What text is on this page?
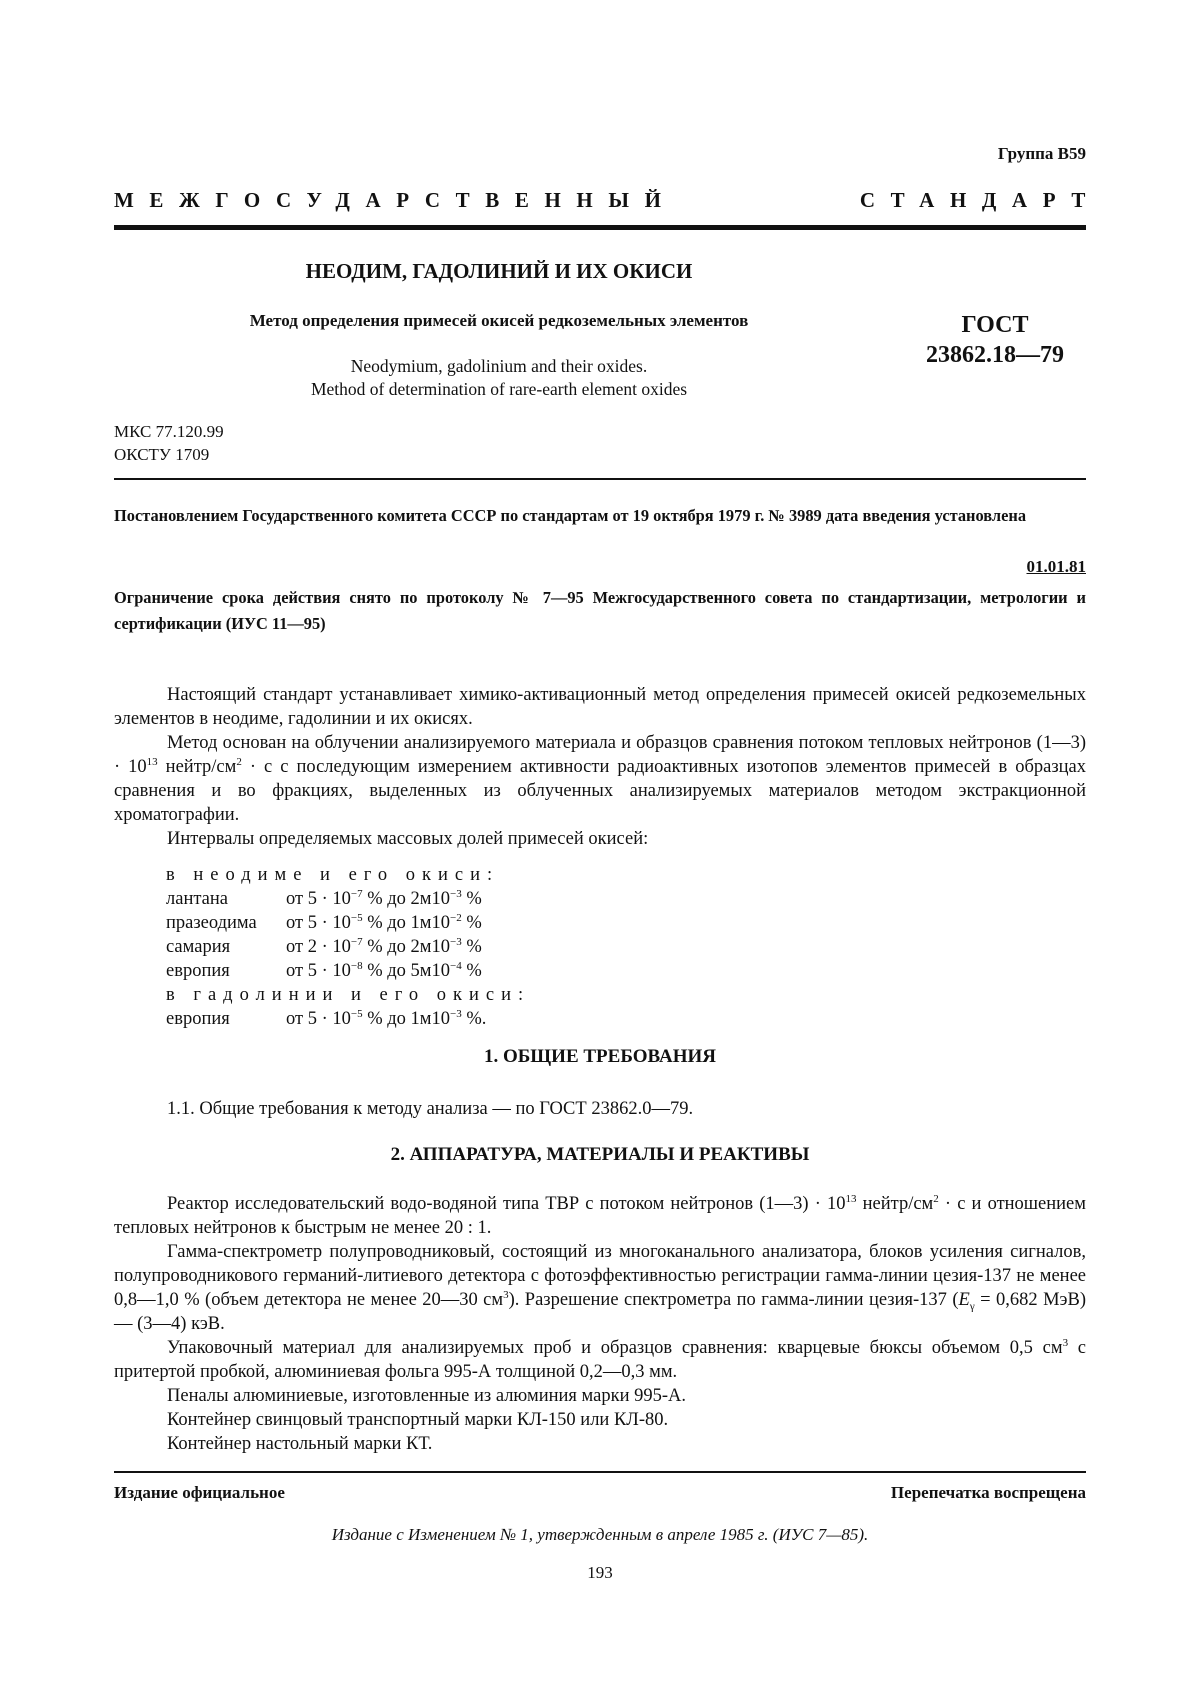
Группа В59
МЕЖГОСУДАРСТВЕННЫЙ	СТАНДАРТ
НЕОДИМ, ГАДОЛИНИЙ И ИХ ОКИСИ
Метод определения примесей окисей редкоземельных элементов
Neodymium, gadolinium and their oxides.
Method of determination of rare-earth element oxides
ГОСТ
23862.18—79
МКС 77.120.99
ОКСТУ 1709
Постановлением Государственного комитета СССР по стандартам от 19 октября 1979 г. № 3989 дата введения установлена
01.01.81
Ограничение срока действия снято по протоколу № 7—95 Межгосударственного совета по стандартизации, метрологии и сертификации (ИУС 11—95)

Настоящий стандарт устанавливает химико-активационный метод определения примесей окисей редкоземельных элементов в неодиме, гадолинии и их окисях.

Метод основан на облучении анализируемого материала и образцов сравнения потоком тепловых нейтронов (1—3) · $10^{13}$ нейтр/$см^2 \cdot с$ с последующим измерением активности радиоактивных изотопов элементов примесей в образцах сравнения и во фракциях, выделенных из облученных анализируемых материалов методом экстракционной хроматографии.

Интервалы определяемых массовых долей примесей окисей:

в неодиме и его окиси:
лантана	от $5 \cdot 10^{-7}$ % до $2м10^{-3}$ %
празеодима	от $5 \cdot 10^{-5}$ % до $1м10^{-2}$ %
самария	от $2 \cdot 10^{-7}$ % до $2м10^{-3}$ %
европия	от $5 \cdot 10^{-8}$ % до $5м10^{-4}$ %
в гадолинии и его окиси:
европия	от $5 \cdot 10^{-5}$ % до $1м10^{-3}$ %.
1. ОБЩИЕ ТРЕБОВАНИЯ

1.1. Общие требования к методу анализа — по ГОСТ 23862.0—79.

2. АППАРАТУРА, МАТЕРИАЛЫ И РЕАКТИВЫ

Реактор исследовательский водо-водяной типа ТВР с потоком нейтронов (1—3) · $10^{13}$ нейтр/$см^2 \cdot с$ и отношением тепловых нейтронов к быстрым не менее 20 : 1.

Гамма-спектрометр полупроводниковый, состоящий из многоканального анализатора, блоков усиления сигналов, полупроводникового германий-литиевого детектора с фотоэффективностью регистрации гамма-линии цезия-137 не менее 0,8—1,0 % (объем детектора не менее 20—30 $см^3$). Разрешение спектрометра по гамма-линии цезия-137 ($E_\gamma = 0,682$ МэВ) — (3—4) кэВ.

Упаковочный материал для анализируемых проб и образцов сравнения: кварцевые бюксы объемом 0,5 $см^3$ с притертой пробкой, алюминиевая фольга 995-А толщиной 0,2—0,3 мм.

Пеналы алюминиевые, изготовленные из алюминия марки 995-А.

Контейнер свинцовый транспортный марки КЛ-150 или КЛ-80.

Контейнер настольный марки КТ.

Издание официальное	Перепечатка воспрещена
Издание с Изменением № 1, утвержденным в апреле 1985 г. (ИУС 7—85).
193
